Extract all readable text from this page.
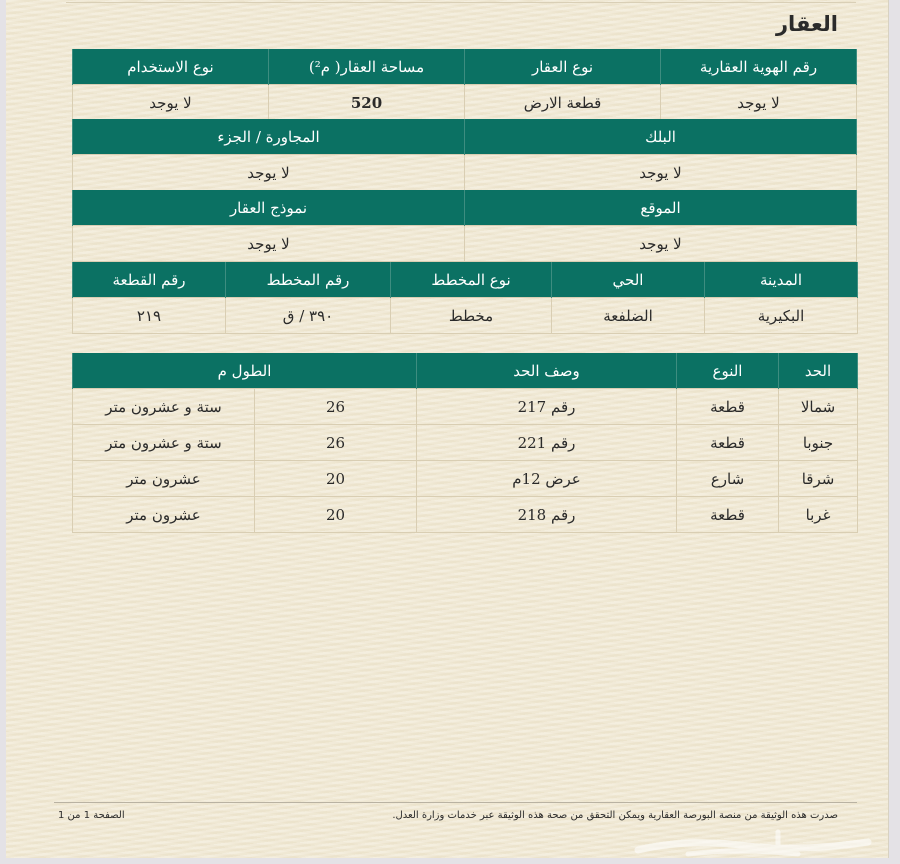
العقار
رقم الهوية العقارية	نوع العقار	مساحة العقار( م²)	نوع الاستخدام
لا يوجد	قطعة الارض	520	لا يوجد
البلك	المجاورة / الجزء
لا يوجد	لا يوجد
الموقع	نموذج العقار
لا يوجد	لا يوجد
المدينة	الحي	نوع المخطط	رقم المخطط	رقم القطعة
البكيرية	الضلفعة	مخطط	٣٩٠ / ق	٢١٩
الحد	النوع	وصف الحد	الطول م	
شمالا	قطعة	رقم 217	26	ستة و عشرون متر
جنوبا	قطعة	رقم 221	26	ستة و عشرون متر
شرقا	شارع	عرض 12م	20	عشرون متر
غربا	قطعة	رقم 218	20	عشرون متر
صدرت هذه الوثيقة من منصة البورصة العقارية ويمكن التحقق من صحة هذه الوثيقة عبر خدمات وزارة العدل.
الصفحة 1 من 1
